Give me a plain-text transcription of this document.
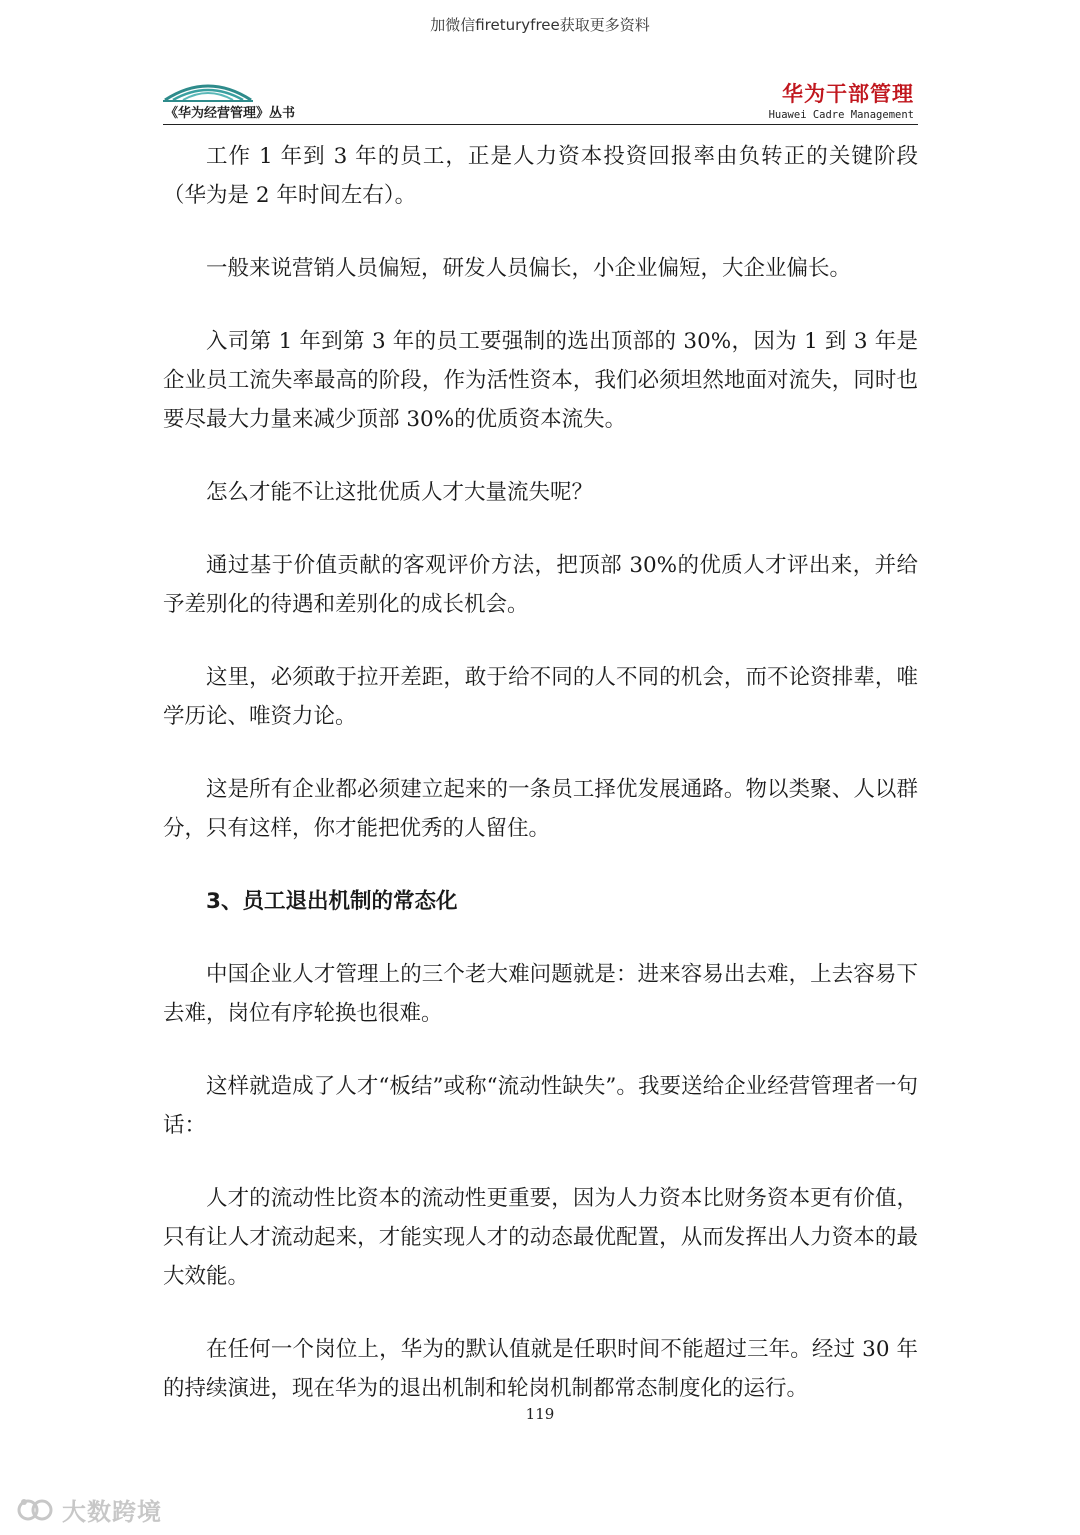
加微信fireturyfree获取更多资料
《华为经营管理》丛书
华为干部管理
Huawei Cadre Management

工作 1 年到 3 年的员工，正是人力资本投资回报率由负转正的关键阶段（华为是 2 年时间左右）。

一般来说营销人员偏短，研发人员偏长，小企业偏短，大企业偏长。

入司第 1 年到第 3 年的员工要强制的选出顶部的 30%，因为 1 到 3 年是企业员工流失率最高的阶段，作为活性资本，我们必须坦然地面对流失，同时也要尽最大力量来减少顶部 30%的优质资本流失。

怎么才能不让这批优质人才大量流失呢？

通过基于价值贡献的客观评价方法，把顶部 30%的优质人才评出来，并给予差别化的待遇和差别化的成长机会。

这里，必须敢于拉开差距，敢于给不同的人不同的机会，而不论资排辈，唯学历论、唯资力论。

这是所有企业都必须建立起来的一条员工择优发展通路。物以类聚、人以群分，只有这样，你才能把优秀的人留住。

3、员工退出机制的常态化

中国企业人才管理上的三个老大难问题就是：进来容易出去难，上去容易下去难，岗位有序轮换也很难。

这样就造成了人才“板结”或称“流动性缺失”。我要送给企业经营管理者一句话：

人才的流动性比资本的流动性更重要，因为人力资本比财务资本更有价值，只有让人才流动起来，才能实现人才的动态最优配置，从而发挥出人力资本的最大效能。

在任何一个岗位上，华为的默认值就是任职时间不能超过三年。经过 30 年的持续演进，现在华为的退出机制和轮岗机制都常态制度化的运行。

119
大数跨境
